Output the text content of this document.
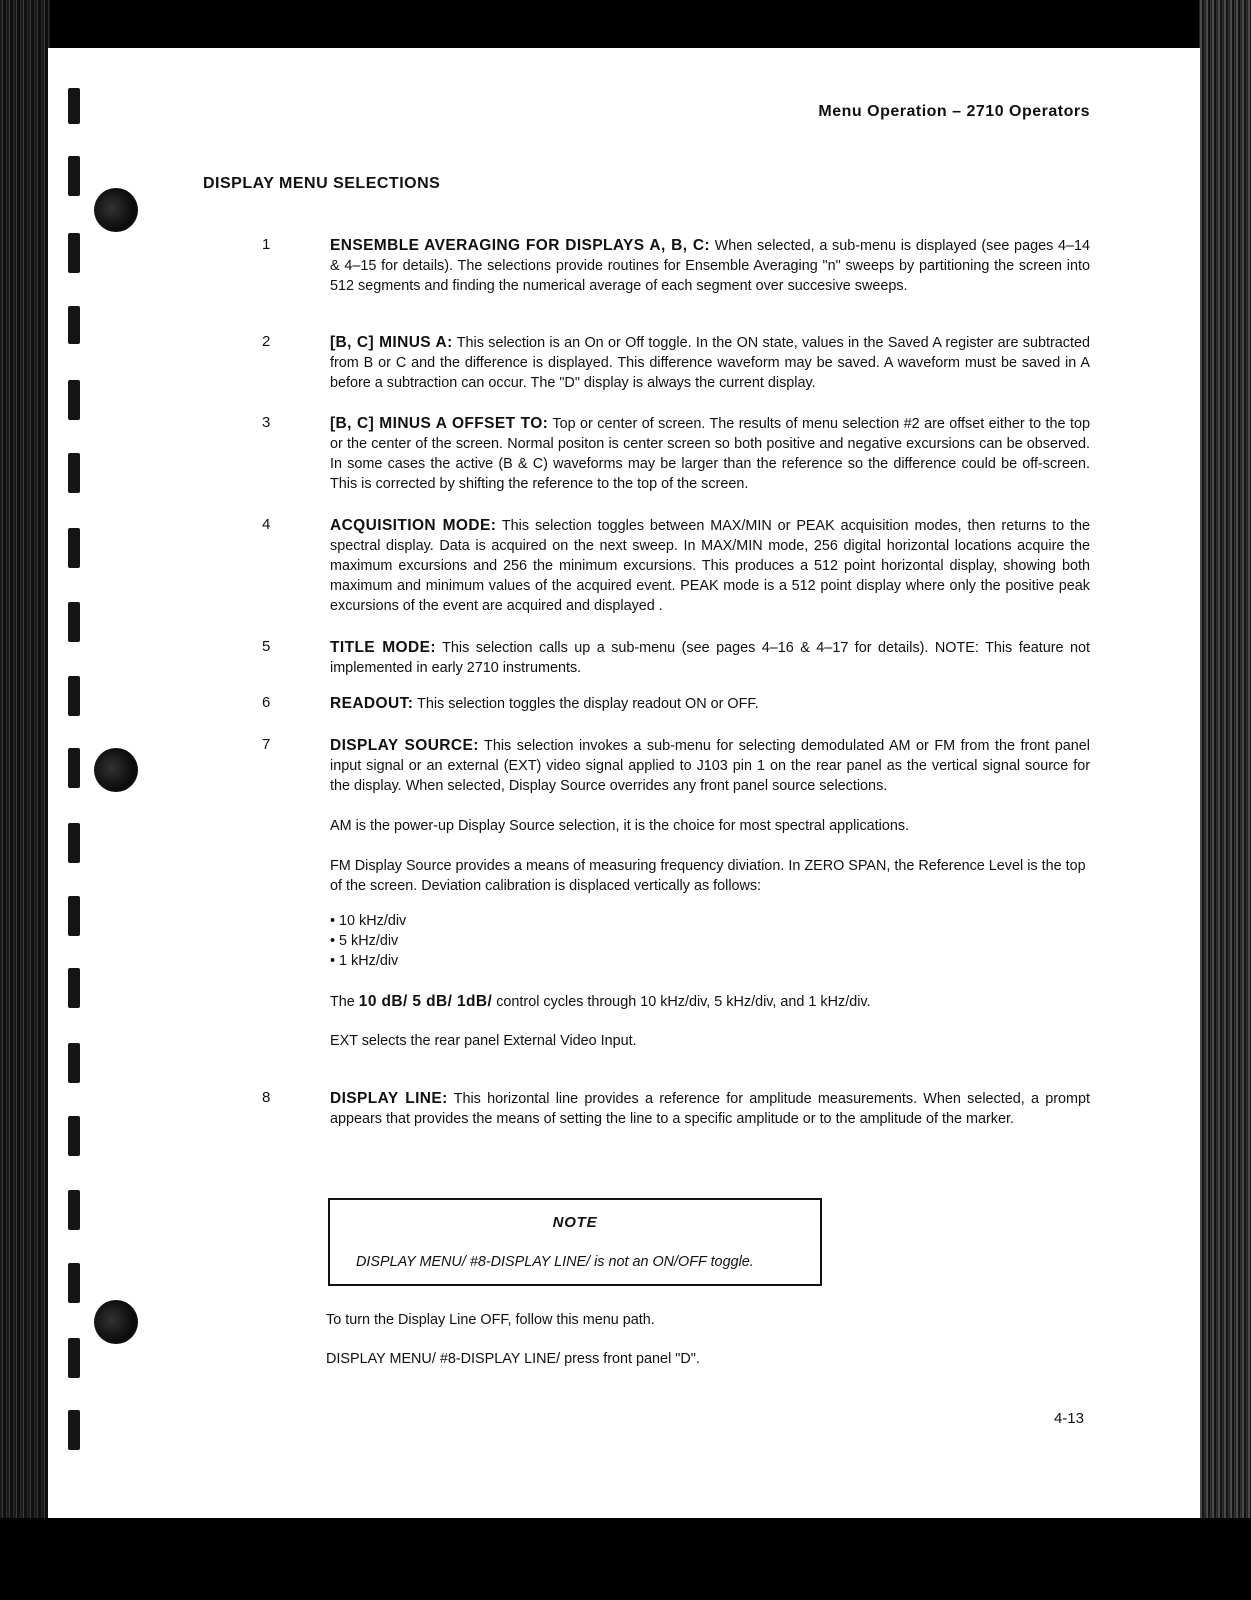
Menu Operation – 2710 Operators
DISPLAY MENU SELECTIONS
1	ENSEMBLE AVERAGING FOR DISPLAYS A, B, C: When selected, a sub-menu is displayed (see pages 4–14 & 4–15 for details). The selections provide routines for Ensemble Averaging "n" sweeps by partitioning the screen into 512 segments and finding the numerical average of each segment over succesive sweeps.
2	[B, C] MINUS A: This selection is an On or Off toggle. In the ON state, values in the Saved A register are subtracted from B or C and the difference is displayed. This difference waveform may be saved. A waveform must be saved in A before a subtraction can occur. The "D" display is always the current display.
3	[B, C] MINUS A OFFSET TO: Top or center of screen. The results of menu selection #2 are offset either to the top or the center of the screen. Normal positon is center screen so both positive and negative excursions can be observed. In some cases the active (B & C) waveforms may be larger than the reference so the difference could be off-screen. This is corrected by shifting the reference to the top of the screen.
4	ACQUISITION MODE: This selection toggles between MAX/MIN or PEAK acquisition modes, then returns to the spectral display. Data is acquired on the next sweep. In MAX/MIN mode, 256 digital horizontal locations acquire the maximum excursions and 256 the minimum excursions. This produces a 512 point horizontal display, showing both maximum and minimum values of the acquired event. PEAK mode is a 512 point display where only the positive peak excursions of the event are acquired and displayed .
5	TITLE MODE: This selection calls up a sub-menu (see pages 4–16 & 4–17 for details). NOTE: This feature not implemented in early 2710 instruments.
6	READOUT: This selection toggles the display readout ON or OFF.
7	DISPLAY SOURCE: This selection invokes a sub-menu for selecting demodulated AM or FM from the front panel input signal or an external (EXT) video signal applied to J103 pin 1 on the rear panel as the vertical signal source for the display. When selected, Display Source overrides any front panel source selections.
AM is the power-up Display Source selection, it is the choice for most spectral applications.
FM Display Source provides a means of measuring frequency diviation. In ZERO SPAN, the Reference Level is the top of the screen. Deviation calibration is displaced vertically as follows:
• 10 kHz/div
• 5 kHz/div
• 1 kHz/div
The 10 dB/ 5 dB/ 1dB/ control cycles through 10 kHz/div, 5 kHz/div, and 1 kHz/div.
EXT selects the rear panel External Video Input.
8	DISPLAY LINE: This horizontal line provides a reference for amplitude measurements. When selected, a prompt appears that provides the means of setting the line to a specific amplitude or to the amplitude of the marker.
NOTE
DISPLAY MENU/ #8-DISPLAY LINE/ is not an ON/OFF toggle.
To turn the Display Line OFF, follow this menu path.
DISPLAY MENU/ #8-DISPLAY LINE/ press front panel "D".
4-13
